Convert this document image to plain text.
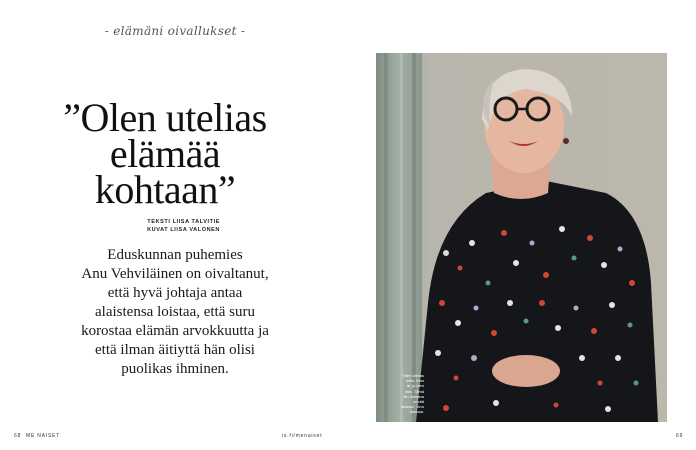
- elämäni oivallukset -
”Olen utelias
elämää
kohtaan”
TEKSTI LIISA TALVITIE
KUVAT LIISA VALONEN
Eduskunnan puhemies
Anu Vehviläinen on oivaltanut,
että hyvä johtaja antaa
alaistensa loistaa, että suru
korostaa elämän arvokkuutta ja
että ilman äitiyttä hän olisi
puolikas ihminen.
68 ME NAISET	is.fi/menaiset	69
”Olen utelias
mies, ihan
ia, ja olen
utta. Tämä
itin mukana
ja sitä
lauksia”, Anu
kokoaa.
